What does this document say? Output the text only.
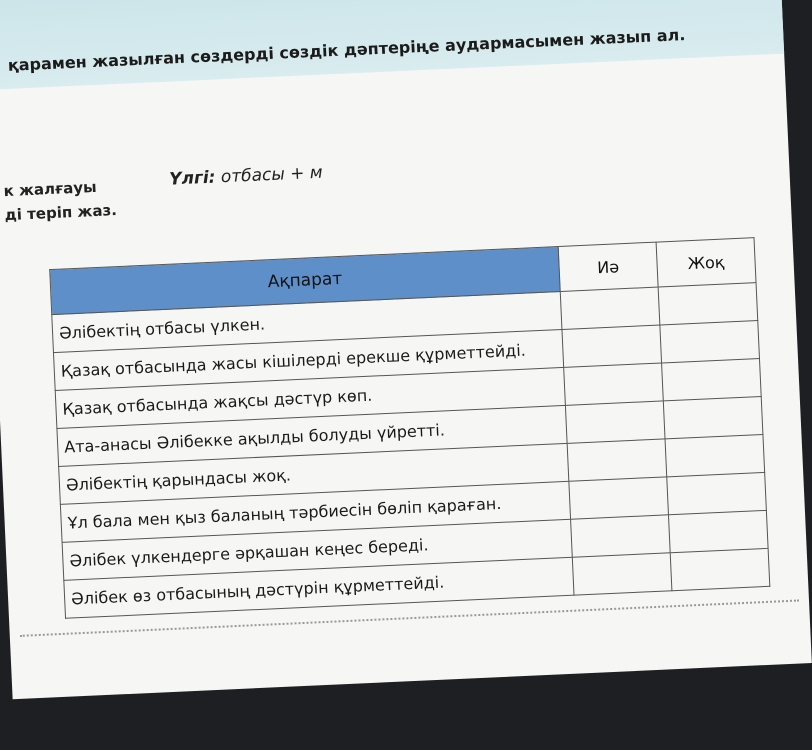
қарамен жазылған сөздерді сөздік дәптеріңе аудармасымен жазып ал.
к жалғауы
ді теріп жаз.
Үлгі: отбасы + м
Ақпарат	Иә	Жоқ
Әлібектің отбасы үлкен.		
Қазақ отбасында жасы кішілерді ерекше құрметтейді.		
Қазақ отбасында жақсы дәстүр көп.		
Ата-анасы Әлібекке ақылды болуды үйретті.		
Әлібектің қарындасы жоқ.		
Ұл бала мен қыз баланың тәрбиесін бөліп қараған.		
Әлібек үлкендерге әрқашан кеңес береді.		
Әлібек өз отбасының дәстүрін құрметтейді.		
